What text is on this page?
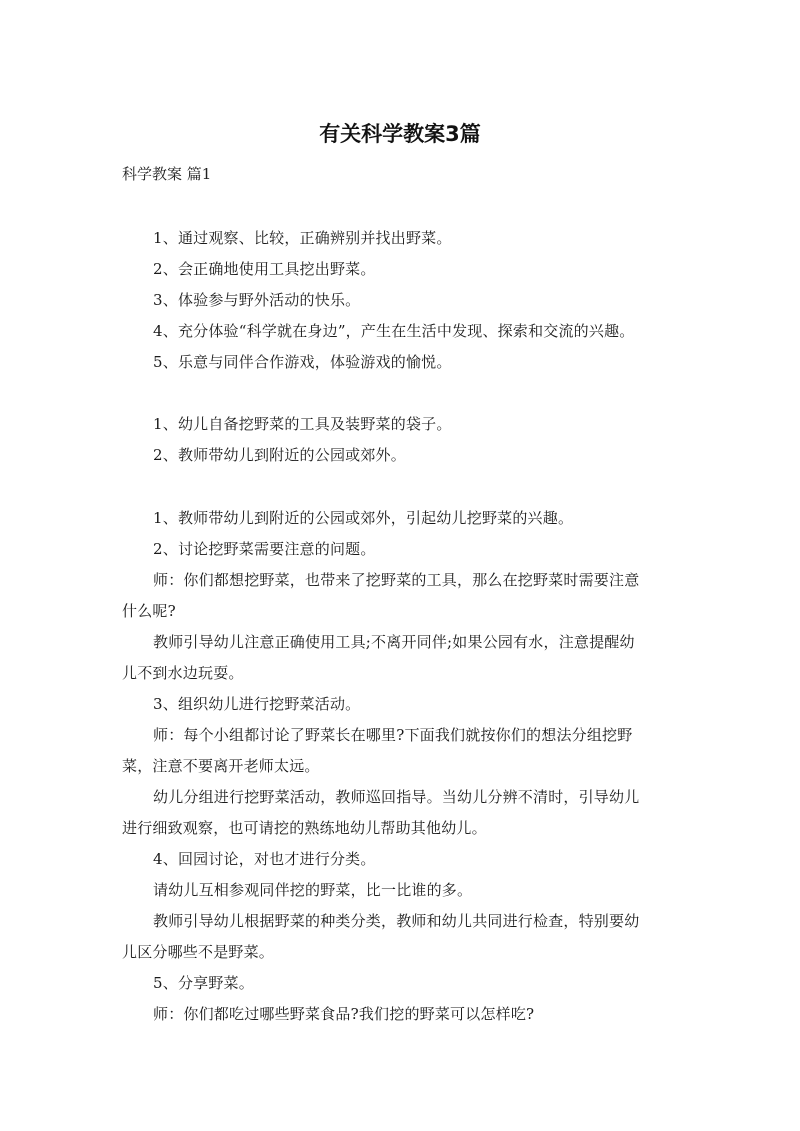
有关科学教案3篇
科学教案 篇1

1、通过观察、比较，正确辨别并找出野菜。

2、会正确地使用工具挖出野菜。

3、体验参与野外活动的快乐。

4、充分体验“科学就在身边”，产生在生活中发现、探索和交流的兴趣。

5、乐意与同伴合作游戏，体验游戏的愉悦。

1、幼儿自备挖野菜的工具及装野菜的袋子。

2、教师带幼儿到附近的公园或郊外。

1、教师带幼儿到附近的公园或郊外，引起幼儿挖野菜的兴趣。

2、讨论挖野菜需要注意的问题。

师：你们都想挖野菜，也带来了挖野菜的工具，那么在挖野菜时需要注意

什么呢?

教师引导幼儿注意正确使用工具;不离开同伴;如果公园有水，注意提醒幼

儿不到水边玩耍。

3、组织幼儿进行挖野菜活动。

师：每个小组都讨论了野菜长在哪里?下面我们就按你们的想法分组挖野

菜，注意不要离开老师太远。

幼儿分组进行挖野菜活动，教师巡回指导。当幼儿分辨不清时，引导幼儿

进行细致观察，也可请挖的熟练地幼儿帮助其他幼儿。

4、回园讨论，对也才进行分类。

请幼儿互相参观同伴挖的野菜，比一比谁的多。

教师引导幼儿根据野菜的种类分类，教师和幼儿共同进行检查，特别要幼

儿区分哪些不是野菜。

5、分享野菜。

师：你们都吃过哪些野菜食品?我们挖的野菜可以怎样吃?
